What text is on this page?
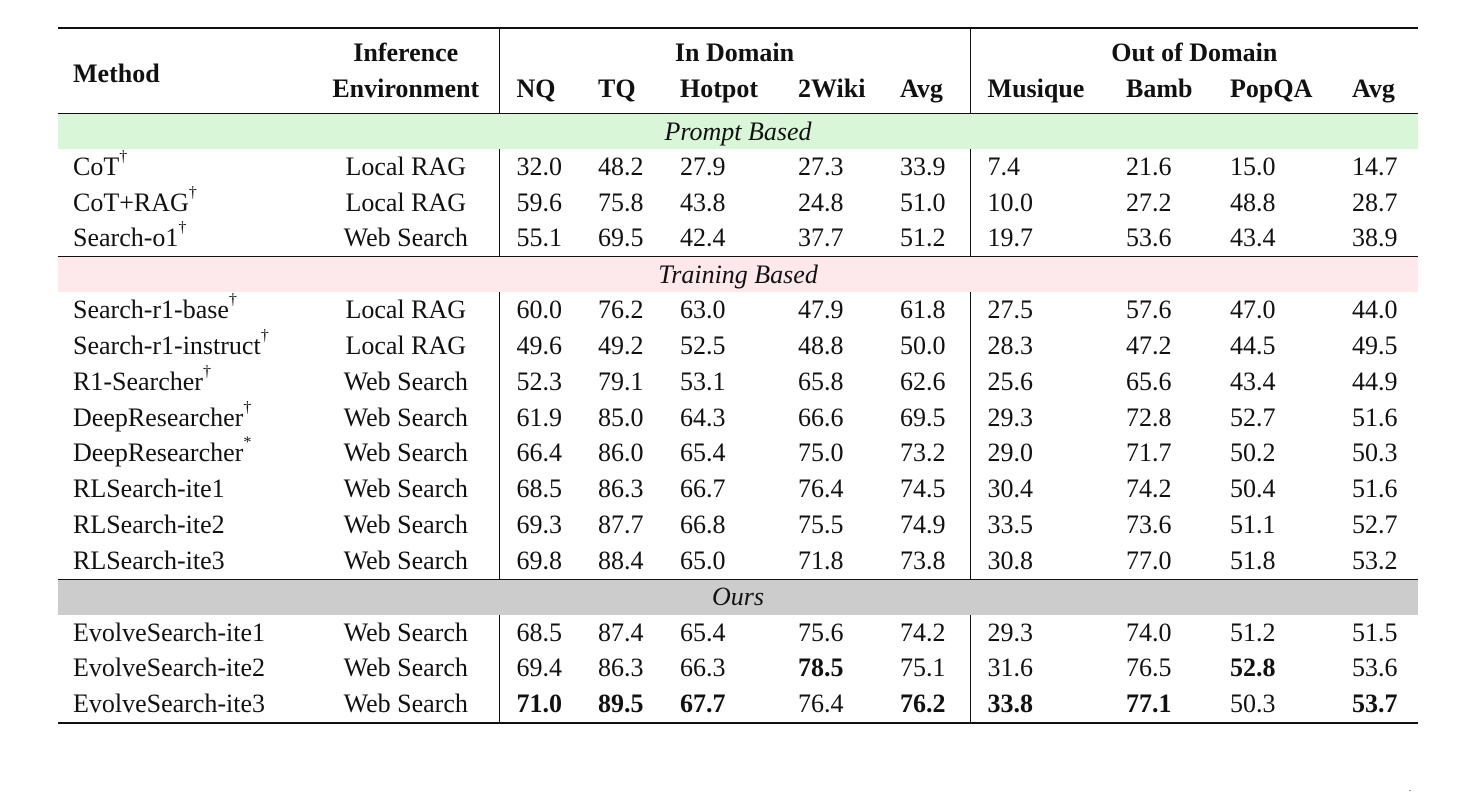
Method	Inference	In Domain					Out of Domain			
	Environment	NQ	TQ	Hotpot	2Wiki	Avg	Musique	Bamb	PopQA	Avg
Prompt Based										
CoT†	Local RAG	32.0	48.2	27.9	27.3	33.9	7.4	21.6	15.0	14.7
CoT+RAG†	Local RAG	59.6	75.8	43.8	24.8	51.0	10.0	27.2	48.8	28.7
Search-o1†	Web Search	55.1	69.5	42.4	37.7	51.2	19.7	53.6	43.4	38.9
Training Based										
Search-r1-base†	Local RAG	60.0	76.2	63.0	47.9	61.8	27.5	57.6	47.0	44.0
Search-r1-instruct†	Local RAG	49.6	49.2	52.5	48.8	50.0	28.3	47.2	44.5	49.5
R1-Searcher†	Web Search	52.3	79.1	53.1	65.8	62.6	25.6	65.6	43.4	44.9
DeepResearcher†	Web Search	61.9	85.0	64.3	66.6	69.5	29.3	72.8	52.7	51.6
DeepResearcher*	Web Search	66.4	86.0	65.4	75.0	73.2	29.0	71.7	50.2	50.3
RLSearch-ite1	Web Search	68.5	86.3	66.7	76.4	74.5	30.4	74.2	50.4	51.6
RLSearch-ite2	Web Search	69.3	87.7	66.8	75.5	74.9	33.5	73.6	51.1	52.7
RLSearch-ite3	Web Search	69.8	88.4	65.0	71.8	73.8	30.8	77.0	51.8	53.2
Ours										
EvolveSearch-ite1	Web Search	68.5	87.4	65.4	75.6	74.2	29.3	74.0	51.2	51.5
EvolveSearch-ite2	Web Search	69.4	86.3	66.3	78.5	75.1	31.6	76.5	52.8	53.6
EvolveSearch-ite3	Web Search	71.0	89.5	67.7	76.4	76.2	33.8	77.1	50.3	53.7
